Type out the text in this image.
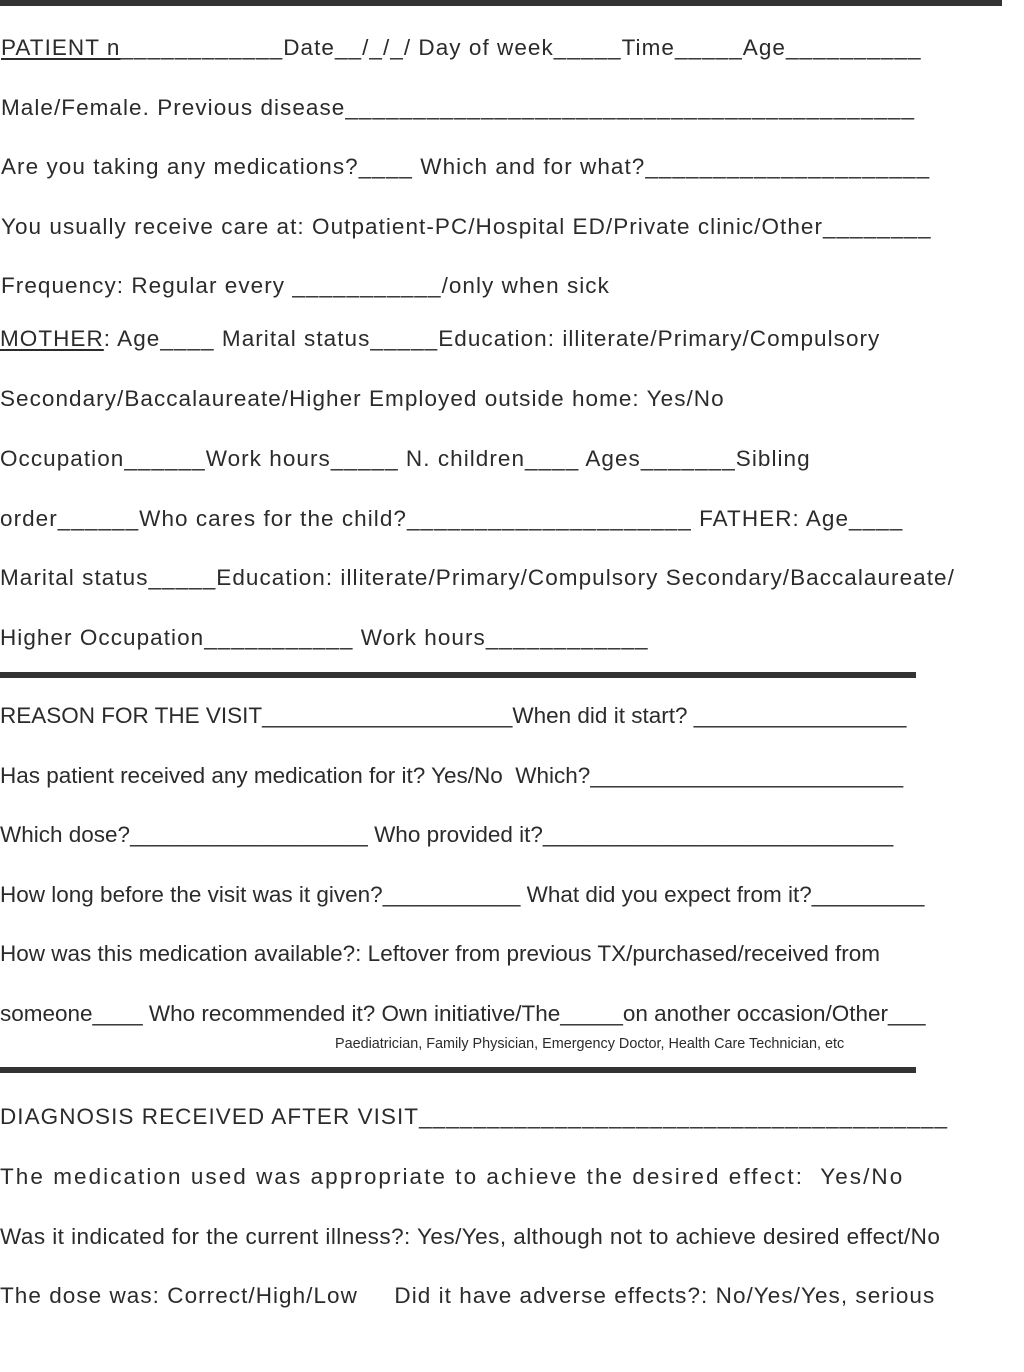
PATIENT n____________Date__/_/_/ Day of week_____Time_____Age__________
Male/Female. Previous disease__________________________________________
Are you taking any medications?____ Which and for what?_____________________
You usually receive care at: Outpatient-PC/Hospital ED/Private clinic/Other________
Frequency: Regular every ___________/only when sick
MOTHER: Age____ Marital status_____Education: illiterate/Primary/Compulsory
Secondary/Baccalaureate/Higher Employed outside home: Yes/No
Occupation______Work hours_____ N. children____ Ages_______Sibling
order______Who cares for the child?_____________________ FATHER: Age____
Marital status_____Education: illiterate/Primary/Compulsory Secondary/Baccalaureate/
Higher Occupation___________ Work hours____________
REASON FOR THE VISIT____________________When did it start? _________________
Has patient received any medication for it? Yes/No  Which?_________________________
Which dose?___________________ Who provided it?____________________________
How long before the visit was it given?___________ What did you expect from it?_________
How was this medication available?: Leftover from previous TX/purchased/received from
someone____ Who recommended it? Own initiative/The_____on another occasion/Other___
Paediatrician, Family Physician, Emergency Doctor, Health Care Technician, etc
DIAGNOSIS RECEIVED AFTER VISIT_______________________________________
The medication used was appropriate to achieve the desired effect:  Yes/No
Was it indicated for the current illness?: Yes/Yes, although not to achieve desired effect/No
The dose was: Correct/High/Low     Did it have adverse effects?: No/Yes/Yes, serious
